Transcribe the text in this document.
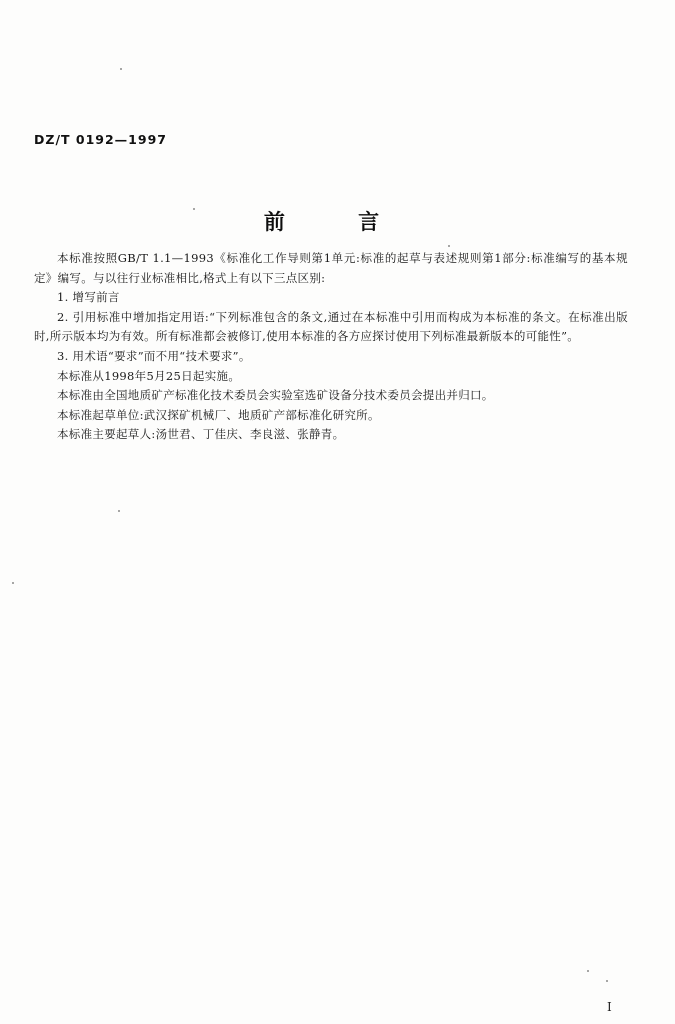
DZ/T 0192—1997
前 言

本标准按照GB/T 1.1—1993《标准化工作导则第1单元:标准的起草与表述规则第1部分:标准编写的基本规定》编写。与以往行业标准相比,格式上有以下三点区别:

1. 增写前言

2. 引用标准中增加指定用语:“下列标准包含的条文,通过在本标准中引用而构成为本标准的条文。在标准出版时,所示版本均为有效。所有标准都会被修订,使用本标准的各方应探讨使用下列标准最新版本的可能性”。

3. 用术语“要求”而不用“技术要求”。

本标准从1998年5月25日起实施。

本标准由全国地质矿产标准化技术委员会实验室选矿设备分技术委员会提出并归口。

本标准起草单位:武汉探矿机械厂、地质矿产部标准化研究所。

本标准主要起草人:汤世君、丁佳庆、李良滋、张静青。

I
